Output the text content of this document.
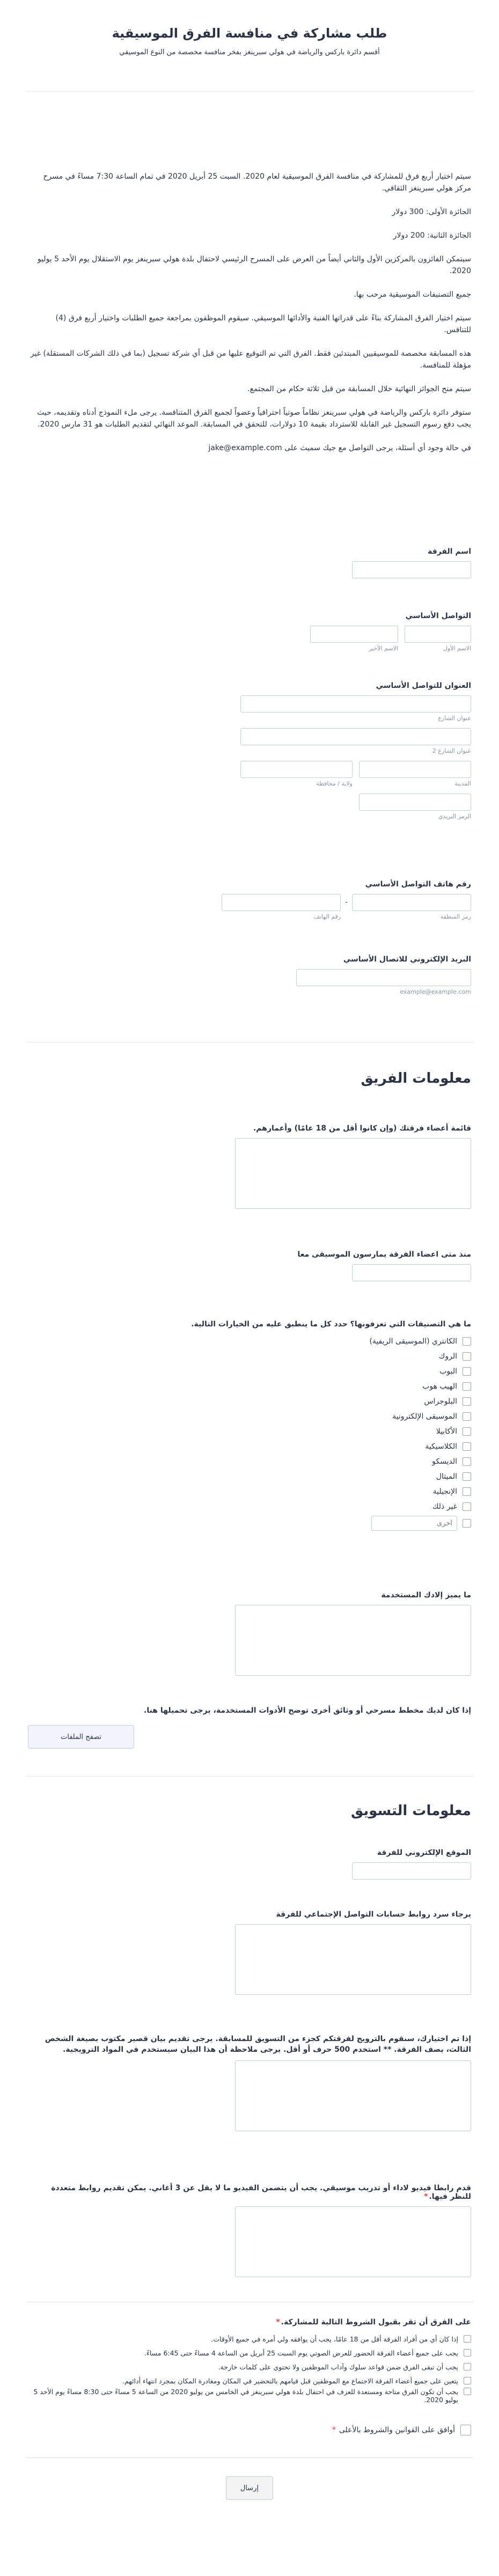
طلب مشاركة في منافسة الفرق الموسيقية
أقسم دائرة باركس والرياضة في هولي سبرينغز بفخر منافسة مخصصة من النوع الموسيقي

سيتم اختيار أربع فرق للمشاركة في منافسة الفرق الموسيقية لعام 2020. السبت 25 أبريل 2020 في تمام الساعة 7:30 مساءً في مسرح مركز هولي سبرينغز الثقافي.

الجائزة الأولى: 300 دولار

الجائزة الثانية: 200 دولار

سيتمكن الفائزون بالمركزين الأول والثاني أيضاً من العرض على المسرح الرئيسي لاحتفال بلدة هولي سبرينغز يوم الاستقلال يوم الأحد 5 يوليو 2020.

جميع التصنيفات الموسيقية مرحب بها.

سيتم اختيار الفرق المشاركة بناءً على قدراتها الفنية والأدائها الموسيقي. سيقوم الموظفون بمراجعة جميع الطلبات واختيار أربع فرق (4) للتنافس.

هذه المسابقة مخصصة للموسيقيين المبتدئين فقط. الفرق التي تم التوقيع عليها من قبل أي شركة تسجيل (بما في ذلك الشركات المستقلة) غير مؤهلة للمنافسة.

سيتم منح الجوائز النهائية خلال المسابقة من قبل ثلاثة حكام من المجتمع.

ستوفر دائرة باركس والرياضة في هولي سبرينغز نظاماً صوتياً احترافياً وعضواً لجميع الفرق المتنافسة. يرجى ملء النموذج أدناه وتقديمه، حيث يجب دفع رسوم التسجيل غير القابلة للاسترداد بقيمة 10 دولارات، للتحقق في المسابقة. الموعد النهائي لتقديم الطلبات هو 31 مارس 2020.

في حالة وجود أي أسئلة، يرجى التواصل مع جيك سميث على jake@example.com

اسم الفرقة
التواصل الأساسي
الاسم الأول
الاسم الأخير
العنوان للتواصل الأساسي
عنوان الشارع
عنوان الشارع 2
المدينة
ولاية / محافظة
الرمز البريدي
رقم هاتف التواصل الأساسي
رمز المنطقة
-
رقم الهاتف
البريد الإلكتروني للاتصال الأساسي
example@example.com
معلومات الفريق
قائمة أعضاء فرقتك (وإن كانوا أقل من 18 عامًا) وأعمارهم.
منذ متى اعضاء الفرقة يمارسون الموسيقى معا
ما هي التصنيفات التي تعزفونها؟ حدد كل ما ينطبق عليه من الخيارات التالية.
الكانتري (الموسيقى الريفية)
الروك
البوب
الهيب هوب
البلوجراس
الموسيقى الإلكترونية
الأكابيلا
الكلاسيكية
الديسكو
الميتال
الإنجيلية
غير ذلك
أخرى
ما يميز إلادك المستخدمة
إذا كان لديك مخطط مسرحي أو وثائق أخرى توضح الأدوات المستخدمة، يرجى تحميلها هنا.
تصفح الملفات
معلومات التسويق
الموقع الإلكتروني للفرقة
يرجاء سرد روابط حسابات التواصل الإجتماعي للفرقة
إذا تم اختيارك، سنقوم بالترويج لفرقتكم كجزء من التسويق للمسابقة. يرجى تقديم بيان قصير مكتوب بصيغة الشخص الثالث، يصف الفرقة. ** استخدم 500 حرف أو أقل. يرجى ملاحظة أن هذا البيان سيستخدم في المواد الترويجية.
قدم رابطا فيديو لاداء أو تدريب موسيقي. يجب أن يتضمن الفيديو ما لا يقل عن 3 أغاني. يمكن تقديم روابط متعددة للنظر فيها.*
على الفرق أن تقر بقبول الشروط التالية للمشاركة.*
إذا كان أي من أفراد الفرقة أقل من 18 عامًا، يجب أن يوافقه ولي أمره في جميع الأوقات.
يجب على جميع أعضاء الفرقة الحضور للعرض الصوتي يوم السبت 25 أبريل من الساعة 4 مساءً حتى 6:45 مساءً.
يجب أن تبقى الفرق ضمن قواعد سلوك وآداب الموظفين ولا تحتوي على كلمات خارجة.
يتعين على جميع أعضاء الفرقة الاجتماع مع الموظفين قبل قيامهم بالتحضير في المكان ومغادرة المكان بمجرد انتهاء أدائهم.
يجب أن تكون الفرق متاحة ومستعدة للعزف في احتفال بلدة هولي سبرينغز في الخامس من يوليو 2020 من الساعة 5 مساءً حتى 8:30 مساءً يوم الأحد 5 يوليو 2020.
أوافق على القوانين والشروط بالأعلى
*
إرسال
